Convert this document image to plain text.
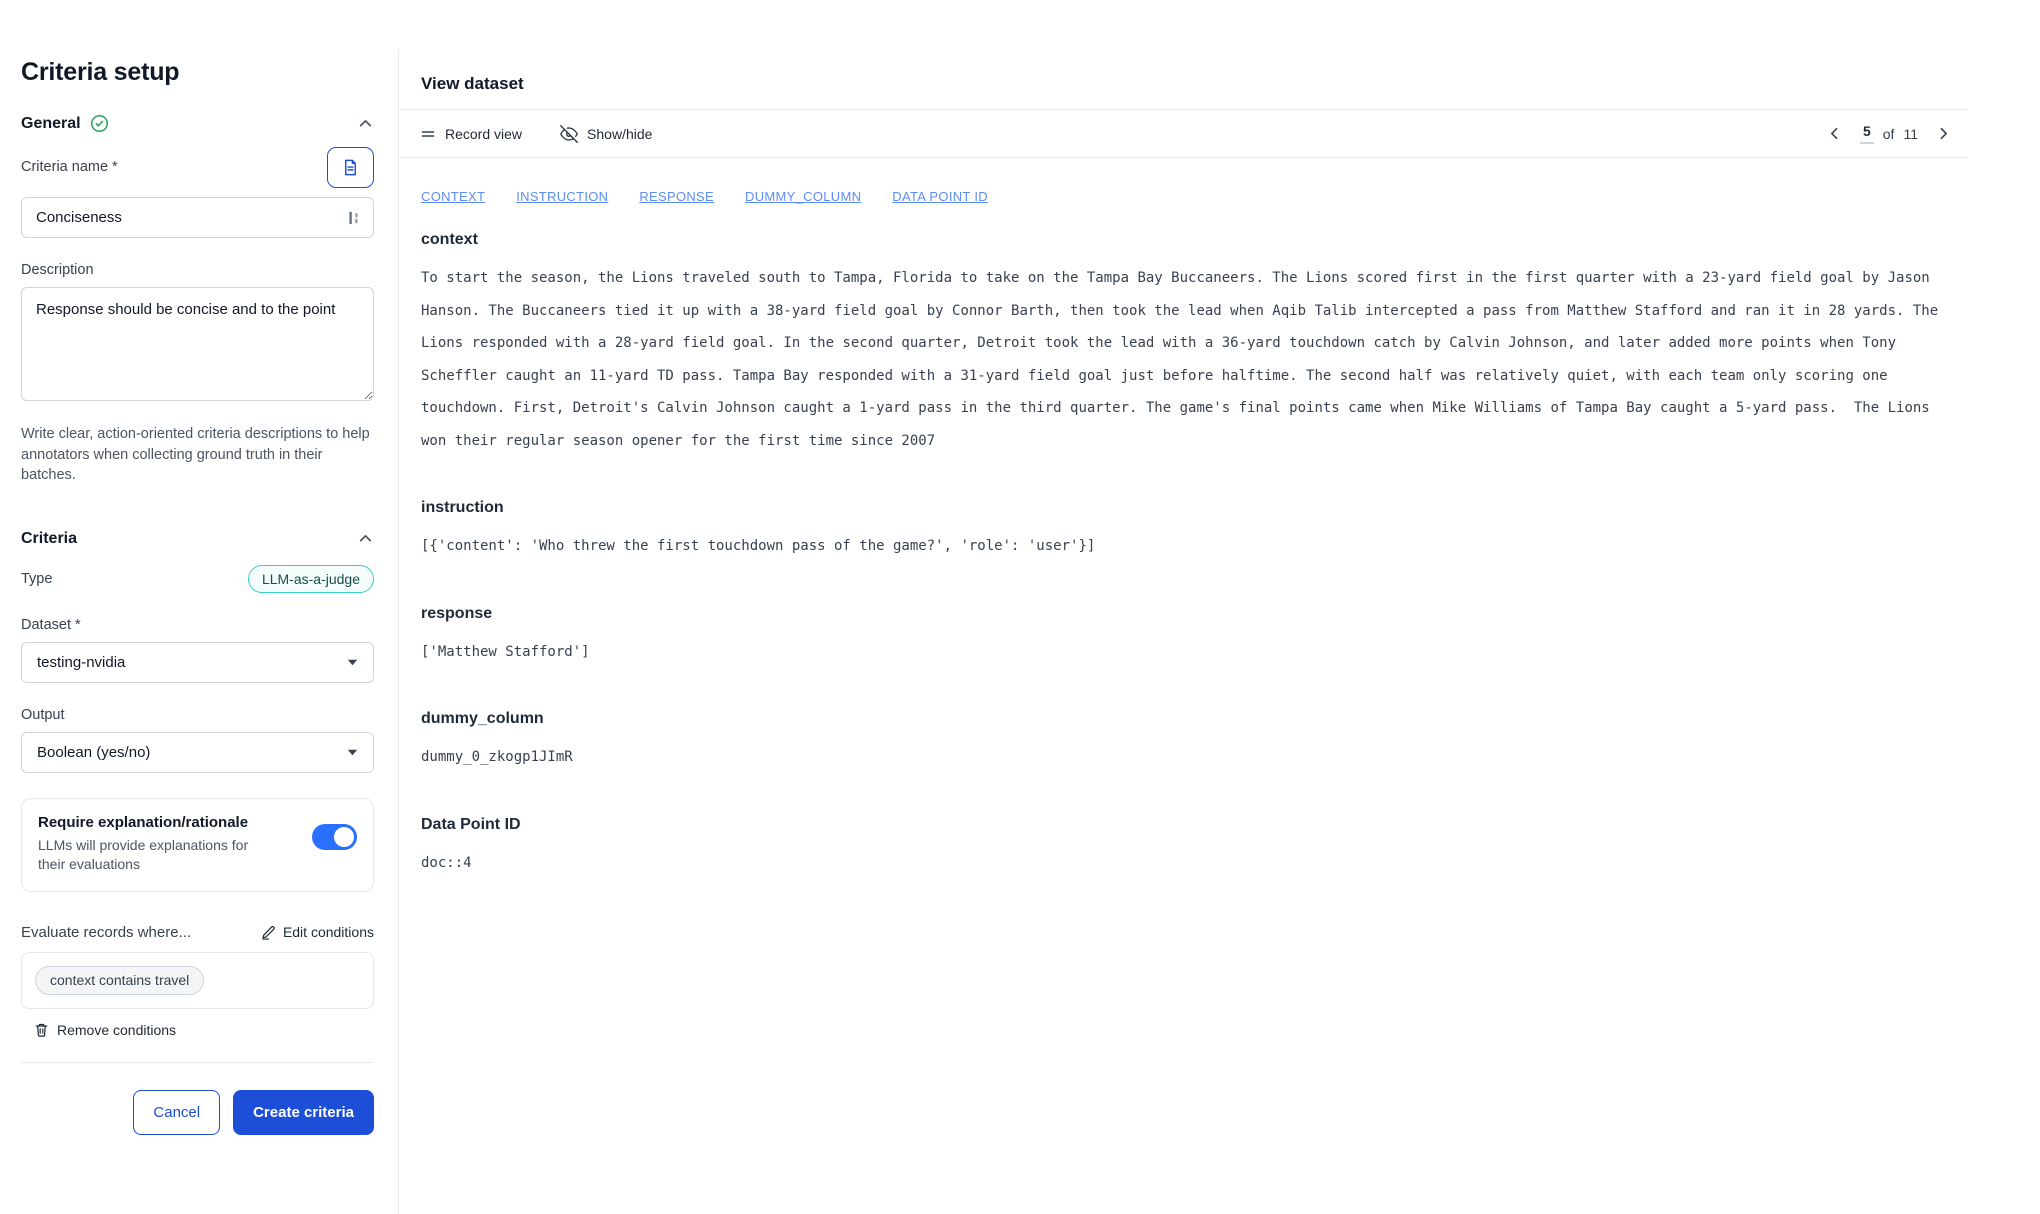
Criteria setup
General
Criteria name *
Conciseness
Description
Response should be concise and to the point

Write clear, action-oriented criteria descriptions to help annotators when collecting ground truth in their batches.

Criteria
Type	LLM-as-a-judge
Dataset *
testing-nvidia
Output
Boolean (yes/no)
Require explanation/rationale
LLMs will provide explanations for their evaluations
Evaluate records where...	Edit conditions
context contains travel
Remove conditions
Cancel	Create criteria
View dataset
Record view	Show/hide	5 of 11
CONTEXT INSTRUCTION RESPONSE DUMMY_COLUMN DATA POINT ID
context
To start the season, the Lions traveled south to Tampa, Florida to take on the Tampa Bay Buccaneers. The Lions scored first in the first quarter with a 23-yard field goal by Jason Hanson. The Buccaneers tied it up with a 38-yard field goal by Connor Barth, then took the lead when Aqib Talib intercepted a pass from Matthew Stafford and ran it in 28 yards. The Lions responded with a 28-yard field goal. In the second quarter, Detroit took the lead with a 36-yard touchdown catch by Calvin Johnson, and later added more points when Tony Scheffler caught an 11-yard TD pass. Tampa Bay responded with a 31-yard field goal just before halftime. The second half was relatively quiet, with each team only scoring one touchdown. First, Detroit's Calvin Johnson caught a 1-yard pass in the third quarter. The game's final points came when Mike Williams of Tampa Bay caught a 5-yard pass.  The Lions won their regular season opener for the first time since 2007
instruction
[{'content': 'Who threw the first touchdown pass of the game?', 'role': 'user'}]
response
['Matthew Stafford']
dummy_column
dummy_0_zkogp1JImR
Data Point ID
doc::4
